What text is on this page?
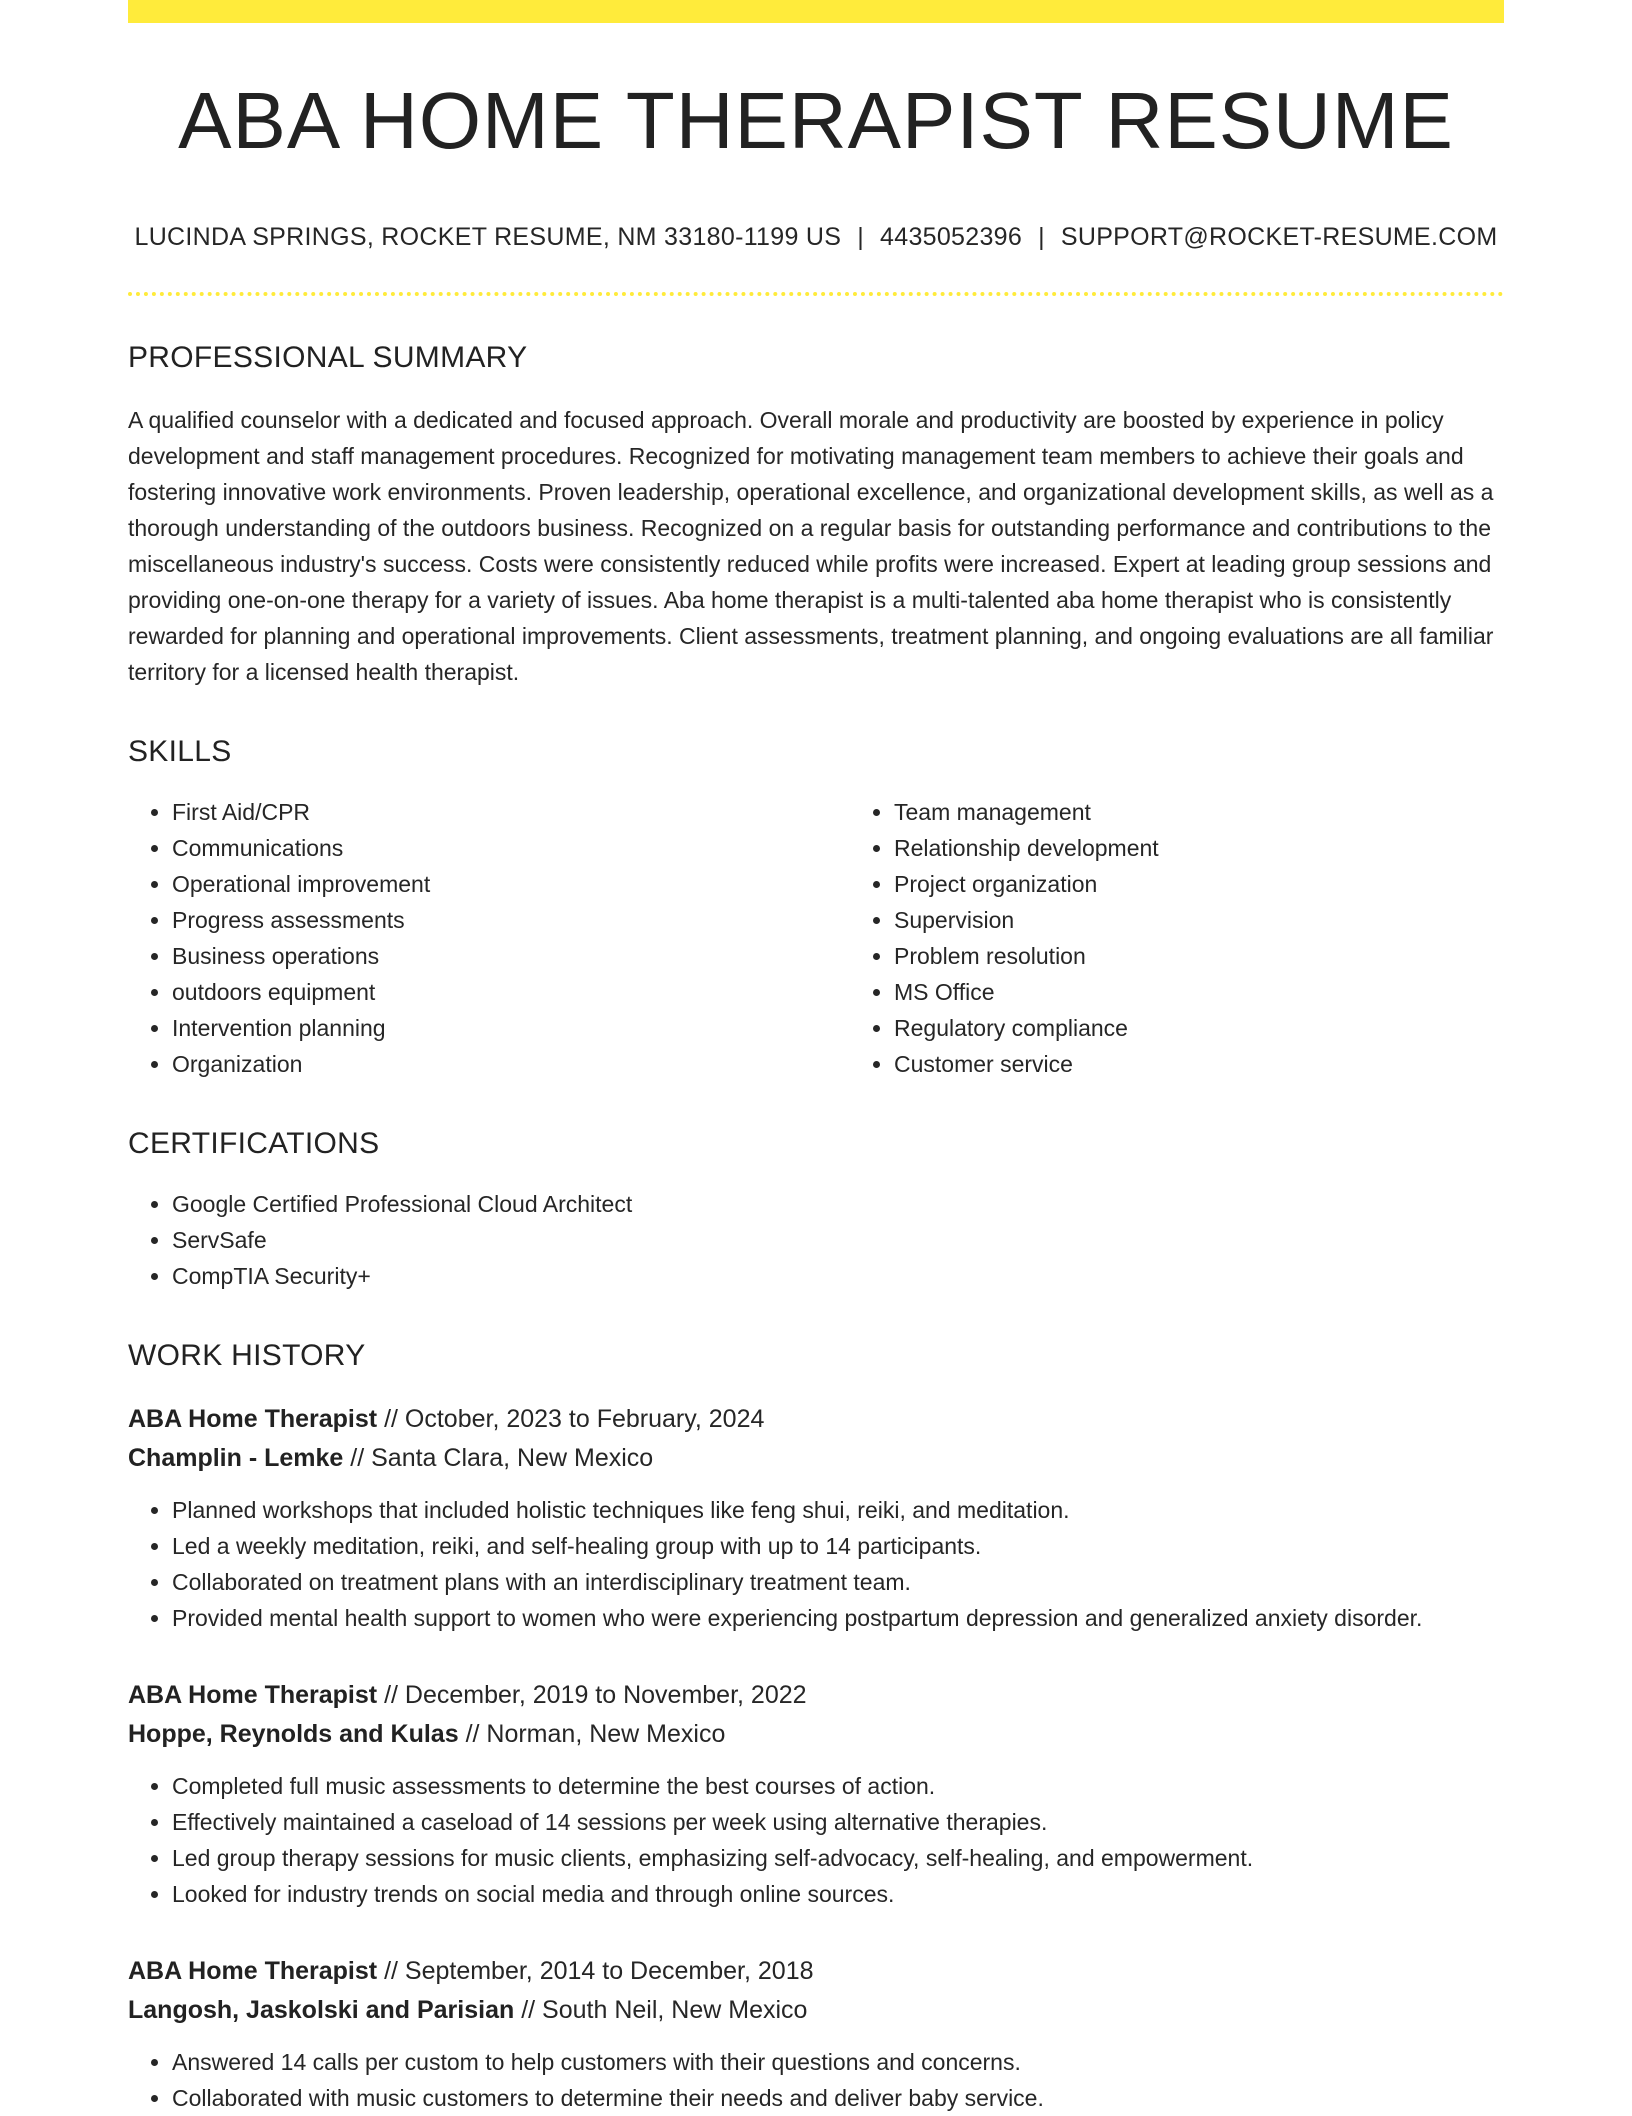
ABA HOME THERAPIST RESUME
LUCINDA SPRINGS, ROCKET RESUME, NM 33180-1199 US | 4435052396 | SUPPORT@ROCKET-RESUME.COM
PROFESSIONAL SUMMARY

A qualified counselor with a dedicated and focused approach. Overall morale and productivity are boosted by experience in policy development and staff management procedures. Recognized for motivating management team members to achieve their goals and fostering innovative work environments. Proven leadership, operational excellence, and organizational development skills, as well as a thorough understanding of the outdoors business. Recognized on a regular basis for outstanding performance and contributions to the miscellaneous industry's success. Costs were consistently reduced while profits were increased. Expert at leading group sessions and providing one-on-one therapy for a variety of issues. Aba home therapist is a multi-talented aba home therapist who is consistently rewarded for planning and operational improvements. Client assessments, treatment planning, and ongoing evaluations are all familiar territory for a licensed health therapist.

SKILLS
• First Aid/CPR
• Communications
• Operational improvement
• Progress assessments
• Business operations
• outdoors equipment
• Intervention planning
• Organization
• Team management
• Relationship development
• Project organization
• Supervision
• Problem resolution
• MS Office
• Regulatory compliance
• Customer service
CERTIFICATIONS
• Google Certified Professional Cloud Architect
• ServSafe
• CompTIA Security+
WORK HISTORY
ABA Home Therapist // October, 2023 to February, 2024
Champlin - Lemke // Santa Clara, New Mexico
• Planned workshops that included holistic techniques like feng shui, reiki, and meditation.
• Led a weekly meditation, reiki, and self-healing group with up to 14 participants.
• Collaborated on treatment plans with an interdisciplinary treatment team.
• Provided mental health support to women who were experiencing postpartum depression and generalized anxiety disorder.
ABA Home Therapist // December, 2019 to November, 2022
Hoppe, Reynolds and Kulas // Norman, New Mexico
• Completed full music assessments to determine the best courses of action.
• Effectively maintained a caseload of 14 sessions per week using alternative therapies.
• Led group therapy sessions for music clients, emphasizing self-advocacy, self-healing, and empowerment.
• Looked for industry trends on social media and through online sources.
ABA Home Therapist // September, 2014 to December, 2018
Langosh, Jaskolski and Parisian // South Neil, New Mexico
• Answered 14 calls per custom to help customers with their questions and concerns.
• Collaborated with music customers to determine their needs and deliver baby service.
